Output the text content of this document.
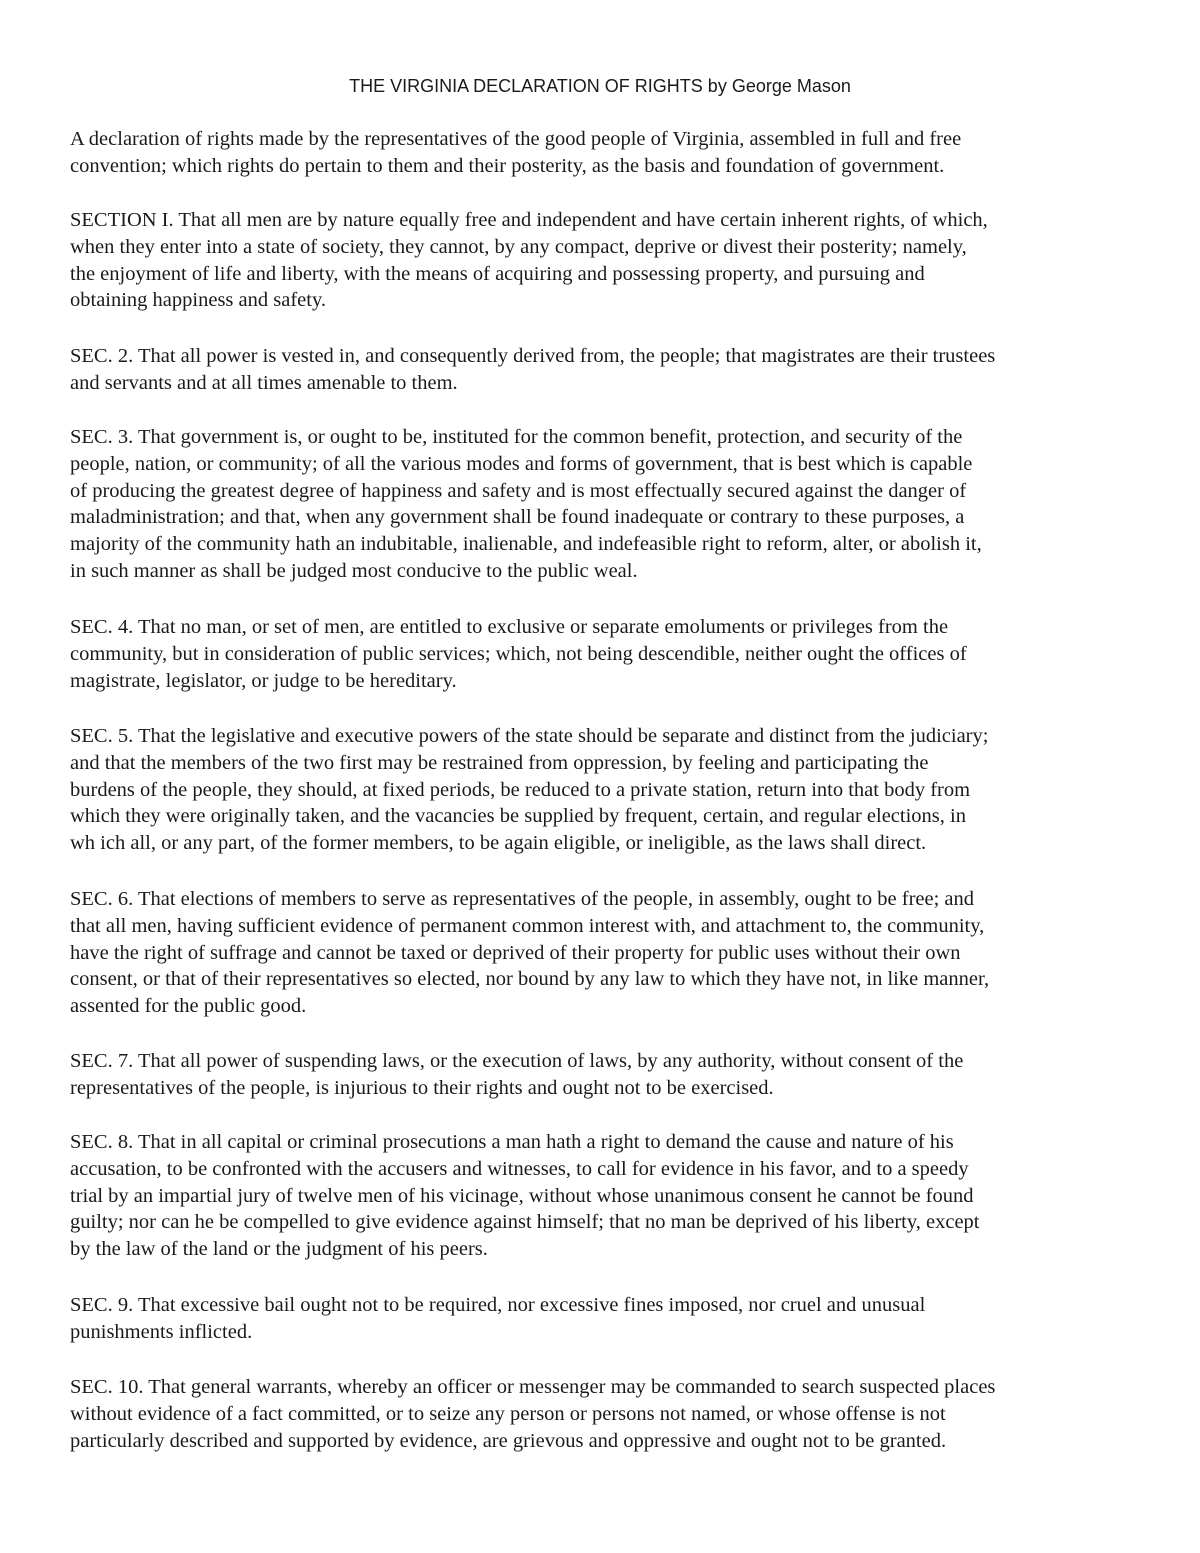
THE VIRGINIA DECLARATION OF RIGHTS by George Mason

A declaration of rights made by the representatives of the good people of Virginia, assembled in full and free
convention; which rights do pertain to them and their posterity, as the basis and foundation of government.

SECTION I. That all men are by nature equally free and independent and have certain inherent rights, of which,
when they enter into a state of society, they cannot, by any compact, deprive or divest their posterity; namely,
the enjoyment of life and liberty, with the means of acquiring and possessing property, and pursuing and
obtaining happiness and safety.

SEC. 2. That all power is vested in, and consequently derived from, the people; that magistrates are their trustees
and servants and at all times amenable to them.

SEC. 3. That government is, or ought to be, instituted for the common benefit, protection, and security of the
people, nation, or community; of all the various modes and forms of government, that is best which is capable
of producing the greatest degree of happiness and safety and is most effectually secured against the danger of
maladministration; and that, when any government shall be found inadequate or contrary to these purposes, a
majority of the community hath an indubitable, inalienable, and indefeasible right to reform, alter, or abolish it,
in such manner as shall be judged most conducive to the public weal.

SEC. 4. That no man, or set of men, are entitled to exclusive or separate emoluments or privileges from the
community, but in consideration of public services; which, not being descendible, neither ought the offices of
magistrate, legislator, or judge to be hereditary.

SEC. 5. That the legislative and executive powers of the state should be separate and distinct from the judiciary;
and that the members of the two first may be restrained from oppression, by feeling and participating the
burdens of the people, they should, at fixed periods, be reduced to a private station, return into that body from
which they were originally taken, and the vacancies be supplied by frequent, certain, and regular elections, in
wh ich all, or any part, of the former members, to be again eligible, or ineligible, as the laws shall direct.

SEC. 6. That elections of members to serve as representatives of the people, in assembly, ought to be free; and
that all men, having sufficient evidence of permanent common interest with, and attachment to, the community,
have the right of suffrage and cannot be taxed or deprived of their property for public uses without their own
consent, or that of their representatives so elected, nor bound by any law to which they have not, in like manner,
assented for the public good.

SEC. 7. That all power of suspending laws, or the execution of laws, by any authority, without consent of the
representatives of the people, is injurious to their rights and ought not to be exercised.

SEC. 8. That in all capital or criminal prosecutions a man hath a right to demand the cause and nature of his
accusation, to be confronted with the accusers and witnesses, to call for evidence in his favor, and to a speedy
trial by an impartial jury of twelve men of his vicinage, without whose unanimous consent he cannot be found
guilty; nor can he be compelled to give evidence against himself; that no man be deprived of his liberty, except
by the law of the land or the judgment of his peers.

SEC. 9. That excessive bail ought not to be required, nor excessive fines imposed, nor cruel and unusual
punishments inflicted.

SEC. 10. That general warrants, whereby an officer or messenger may be commanded to search suspected places
without evidence of a fact committed, or to seize any person or persons not named, or whose offense is not
particularly described and supported by evidence, are grievous and oppressive and ought not to be granted.
